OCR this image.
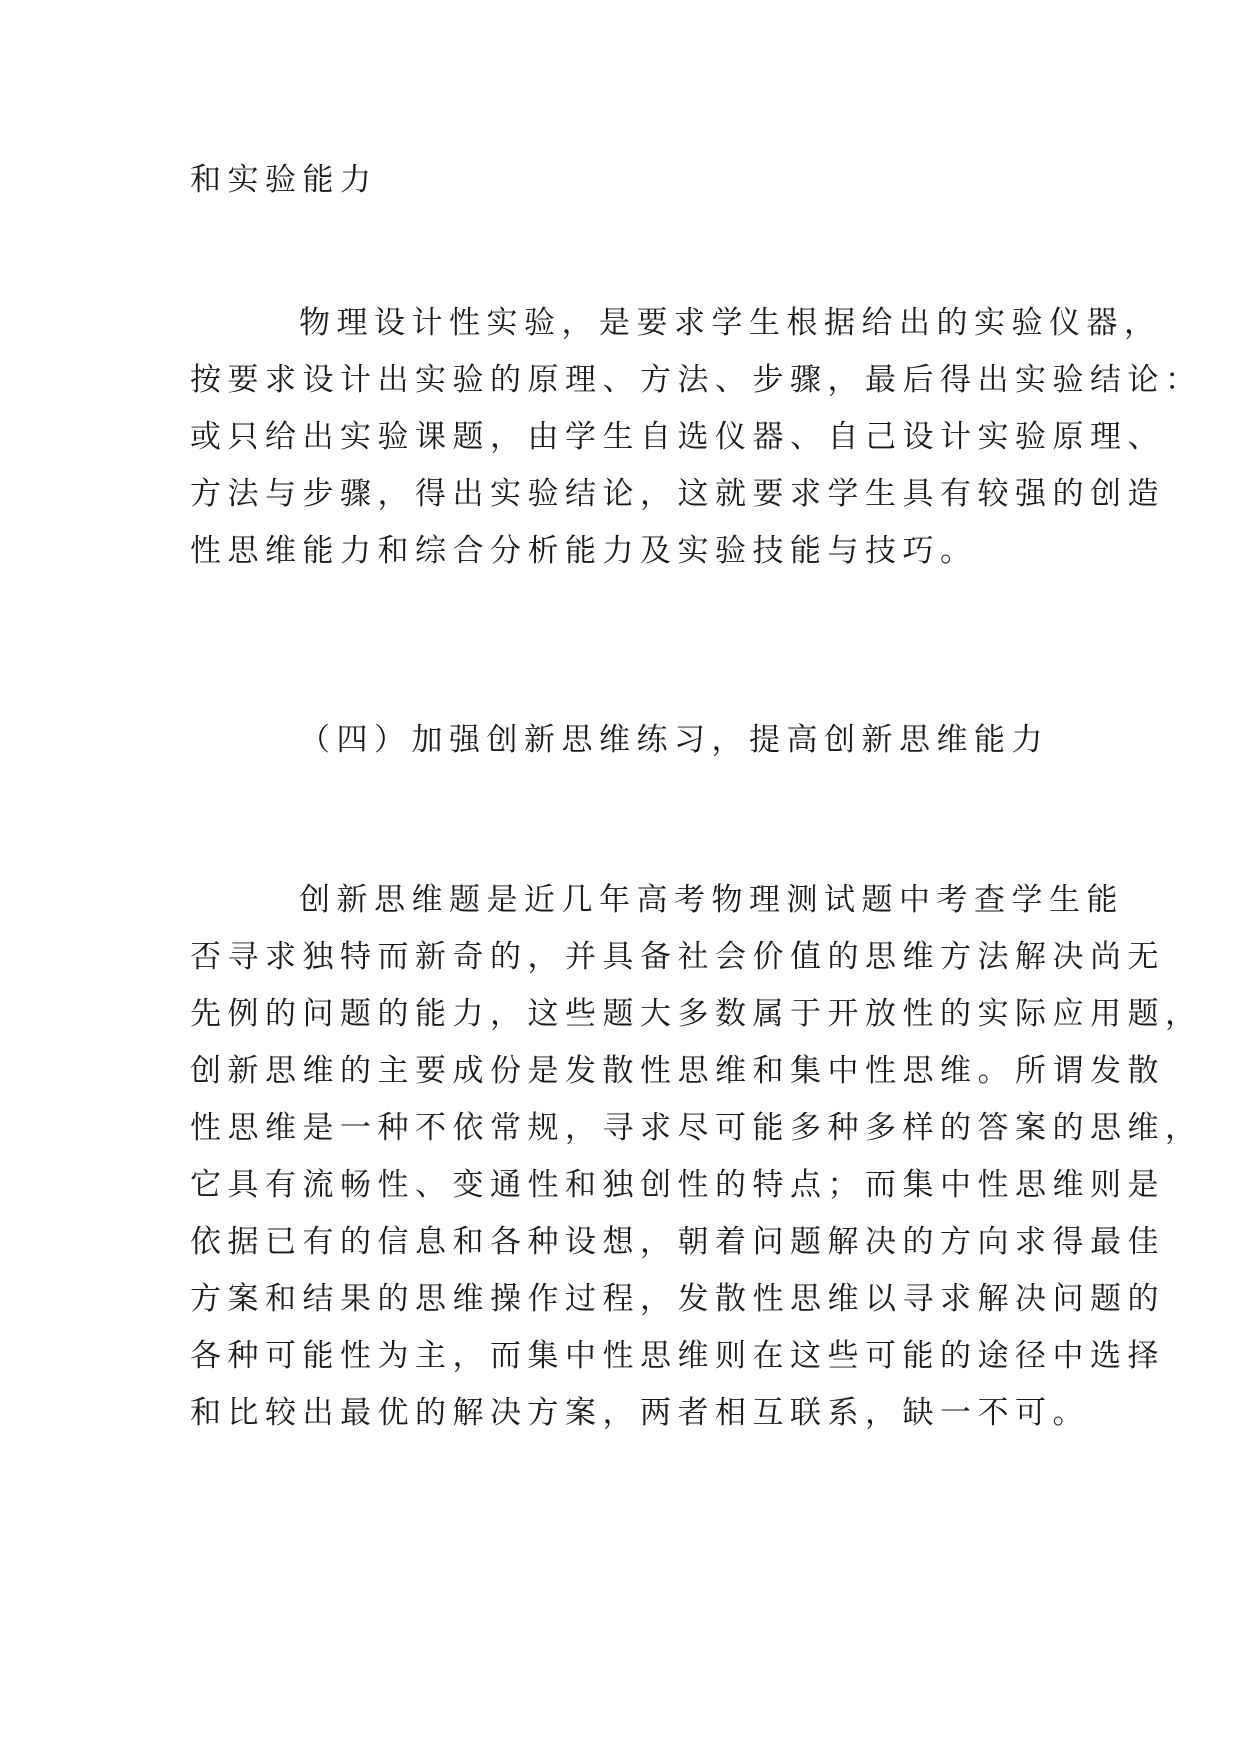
和实验能力
物理设计性实验，是要求学生根据给出的实验仪器，
按要求设计出实验的原理、方法、步骤，最后得出实验结论：
或只给出实验课题，由学生自选仪器、自己设计实验原理、
方法与步骤，得出实验结论，这就要求学生具有较强的创造
性思维能力和综合分析能力及实验技能与技巧。
（四）加强创新思维练习，提高创新思维能力
创新思维题是近几年高考物理测试题中考查学生能
否寻求独特而新奇的，并具备社会价值的思维方法解决尚无
先例的问题的能力，这些题大多数属于开放性的实际应用题，
创新思维的主要成份是发散性思维和集中性思维。所谓发散
性思维是一种不依常规，寻求尽可能多种多样的答案的思维，
它具有流畅性、变通性和独创性的特点；而集中性思维则是
依据已有的信息和各种设想，朝着问题解决的方向求得最佳
方案和结果的思维操作过程，发散性思维以寻求解决问题的
各种可能性为主，而集中性思维则在这些可能的途径中选择
和比较出最优的解决方案，两者相互联系，缺一不可。
